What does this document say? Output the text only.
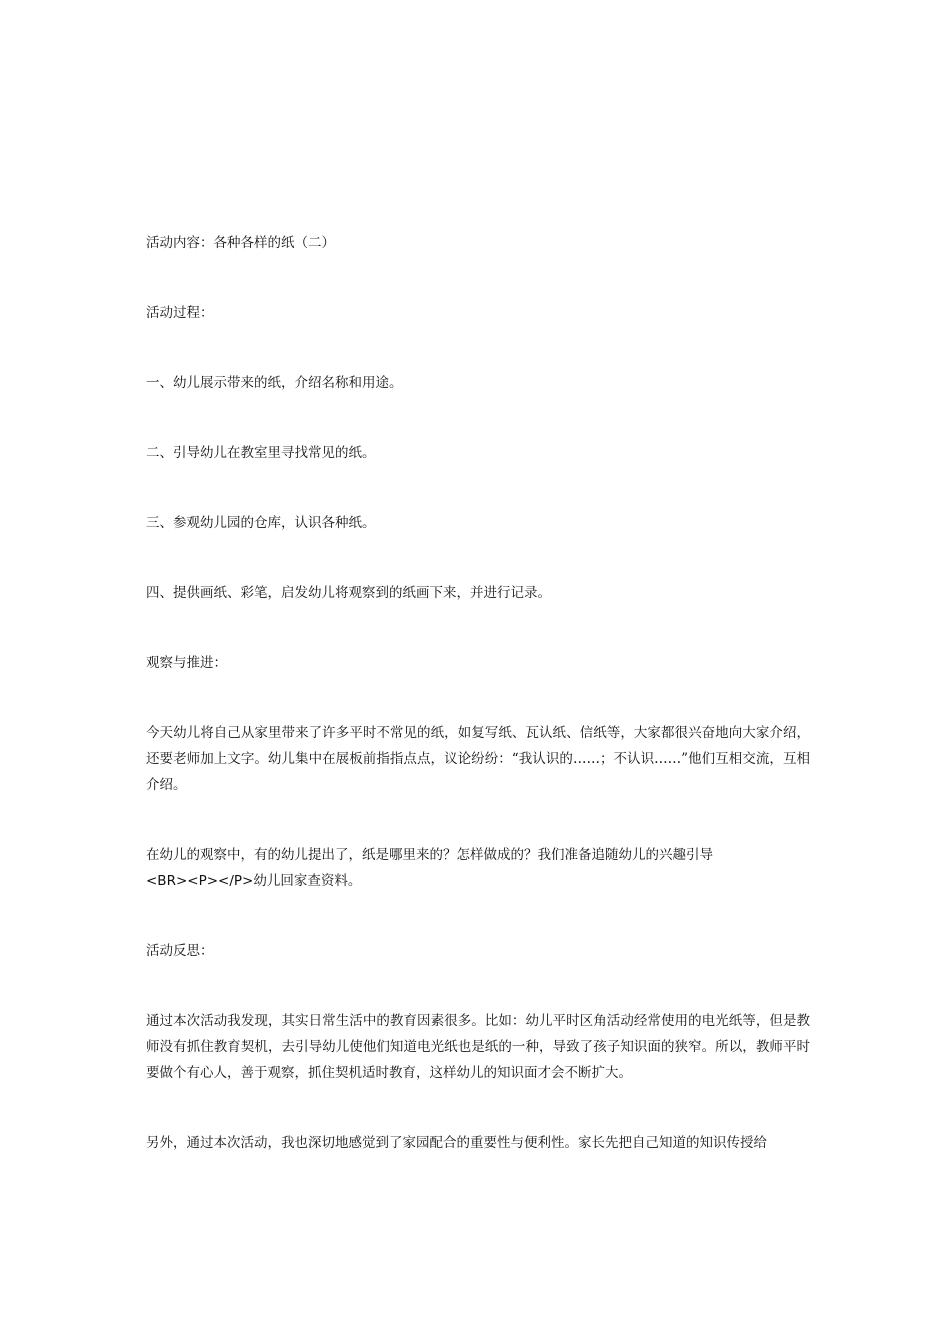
活动内容：各种各样的纸（二）

活动过程：

一、幼儿展示带来的纸，介绍名称和用途。

二、引导幼儿在教室里寻找常见的纸。

三、参观幼儿园的仓库，认识各种纸。

四、提供画纸、彩笔，启发幼儿将观察到的纸画下来，并进行记录。

观察与推进：

今天幼儿将自己从家里带来了许多平时不常见的纸，如复写纸、瓦认纸、信纸等，大家都很兴奋地向大家介绍，还要老师加上文字。幼儿集中在展板前指指点点，议论纷纷：“我认识的……；不认识……”他们互相交流，互相介绍。

在幼儿的观察中，有的幼儿提出了，纸是哪里来的？怎样做成的？我们准备追随幼儿的兴趣引导
<BR><P></P>幼儿回家查资料。

活动反思：

通过本次活动我发现，其实日常生活中的教育因素很多。比如：幼儿平时区角活动经常使用的电光纸等，但是教师没有抓住教育契机，去引导幼儿使他们知道电光纸也是纸的一种，导致了孩子知识面的狭窄。所以，教师平时要做个有心人，善于观察，抓住契机适时教育，这样幼儿的知识面才会不断扩大。

另外，通过本次活动，我也深切地感觉到了家园配合的重要性与便利性。家长先把自己知道的知识传授给
